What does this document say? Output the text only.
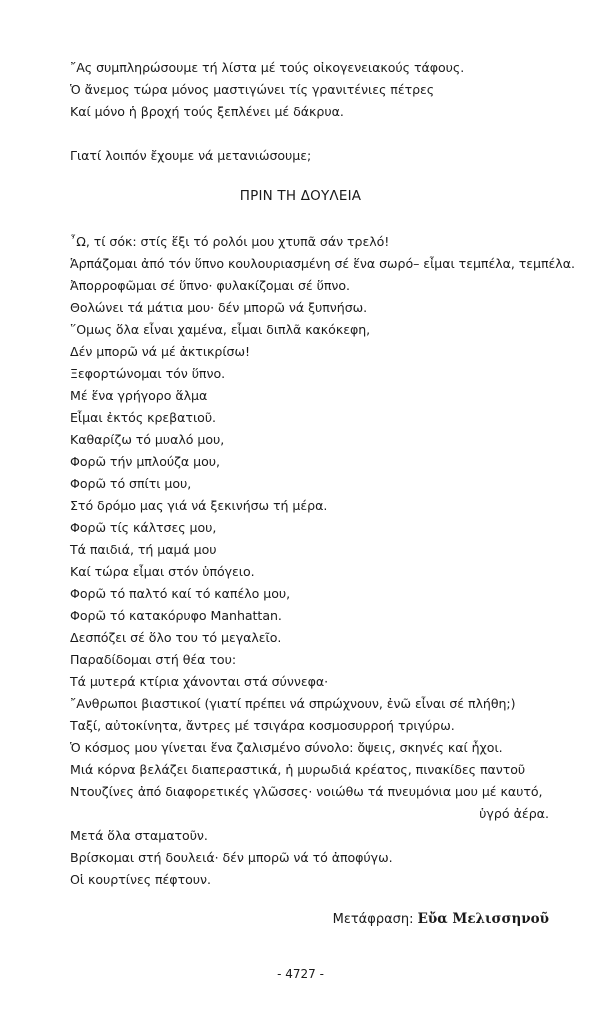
῎Ας συμπληρώσουμε τή λίστα μέ τούς οἰκογενειακούς τάφους.
Ὁ ἄνεμος τώρα μόνος μαστιγώνει τίς γρανιτένιες πέτρες
Καί μόνο ἡ βροχή τούς ξεπλένει μέ δάκρυα.
Γιατί λοιπόν ἔχουμε νά μετανιώσουμε;
ΠΡΙΝ ΤΗ ΔΟΥΛΕΙΑ
῏Ω, τί σόκ: στίς ἕξι τό ρολόι μου χτυπᾶ σάν τρελό!
Ἁρπάζομαι ἀπό τόν ὕπνο κουλουριασμένη σέ ἕνα σωρό– εἶμαι τεμπέλα, τεμπέλα.
Ἀπορροφῶμαι σέ ὕπνο· φυλακίζομαι σέ ὕπνο.
Θολώνει τά μάτια μου· δέν μπορῶ νά ξυπνήσω.
῞Ομως ὅλα εἶναι χαμένα, εἶμαι διπλᾶ κακόκεφη,
Δέν μπορῶ νά μέ ἀκτικρίσω!
Ξεφορτώνομαι τόν ὕπνο.
Μέ ἕνα γρήγορο ἅλμα
Εἶμαι ἐκτός κρεβατιοῦ.
Καθαρίζω τό μυαλό μου,
Φορῶ τήν μπλούζα μου,
Φορῶ τό σπίτι μου,
Στό δρόμο μας γιά νά ξεκινήσω τή μέρα.
Φορῶ τίς κάλτσες μου,
Τά παιδιά, τή μαμά μου
Καί τώρα εἶμαι στόν ὑπόγειο.
Φορῶ τό παλτό καί τό καπέλο μου,
Φορῶ τό κατακόρυφο Manhattan.
Δεσπόζει σέ ὅλο του τό μεγαλεῖο.
Παραδίδομαι στή θέα του:
Τά μυτερά κτίρια χάνονται στά σύννεφα·
῎Ανθρωποι βιαστικοί (γιατί πρέπει νά σπρώχνουν, ἐνῶ εἶναι σέ πλήθη;)
Ταξί, αὐτοκίνητα, ἄντρες μέ τσιγάρα κοσμοσυρροή τριγύρω.
Ὁ κόσμος μου γίνεται ἕνα ζαλισμένο σύνολο: ὄψεις, σκηνές καί ἦχοι.
Μιά κόρνα βελάζει διαπεραστικά, ἡ μυρωδιά κρέατος, πινακίδες παντοῦ
Ντουζίνες ἀπό διαφορετικές γλῶσσες· νοιώθω τά πνευμόνια μου μέ καυτό,
ὑγρό ἀέρα.
Μετά ὅλα σταματοῦν.
Βρίσκομαι στή δουλειά· δέν μπορῶ νά τό ἀποφύγω.
Οἱ κουρτίνες πέφτουν.
Μετάφραση: Εὔα Μελισσηνοῦ
- 4727 -
